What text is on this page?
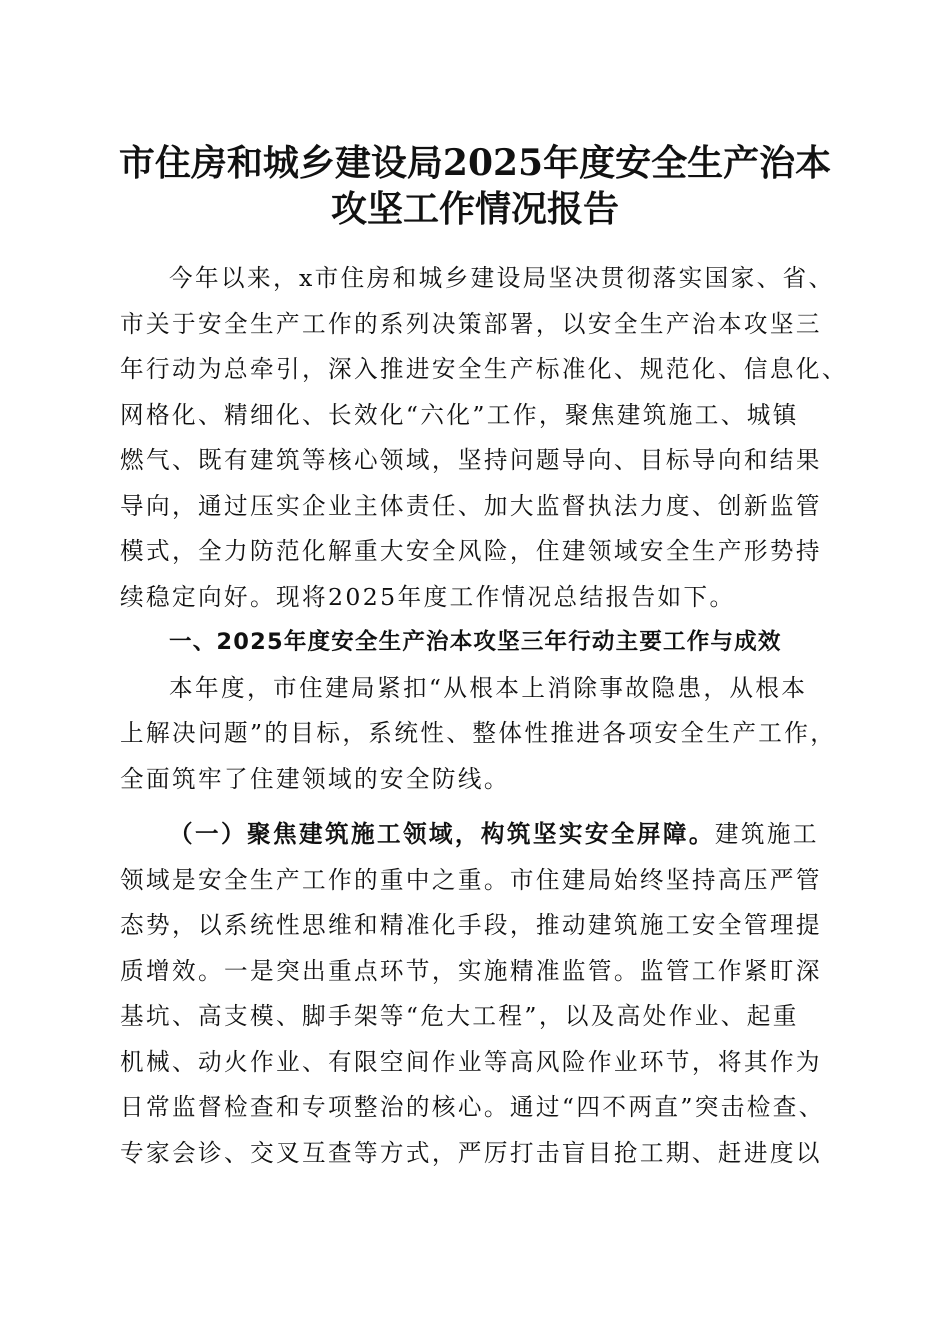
市住房和城乡建设局2025年度安全生产治本
攻坚工作情况报告
今年以来，x市住房和城乡建设局坚决贯彻落实国家、省、
市关于安全生产工作的系列决策部署，以安全生产治本攻坚三
年行动为总牵引，深入推进安全生产标准化、规范化、信息化、
网格化、精细化、长效化“六化”工作，聚焦建筑施工、城镇
燃气、既有建筑等核心领域，坚持问题导向、目标导向和结果
导向，通过压实企业主体责任、加大监督执法力度、创新监管
模式，全力防范化解重大安全风险，住建领域安全生产形势持
续稳定向好。现将2025年度工作情况总结报告如下。
一、2025年度安全生产治本攻坚三年行动主要工作与成效
本年度，市住建局紧扣“从根本上消除事故隐患，从根本
上解决问题”的目标，系统性、整体性推进各项安全生产工作，
全面筑牢了住建领域的安全防线。
（一）聚焦建筑施工领域，构筑坚实安全屏障。建筑施工
领域是安全生产工作的重中之重。市住建局始终坚持高压严管
态势，以系统性思维和精准化手段，推动建筑施工安全管理提
质增效。一是突出重点环节，实施精准监管。监管工作紧盯深
基坑、高支模、脚手架等“危大工程”，以及高处作业、起重
机械、动火作业、有限空间作业等高风险作业环节，将其作为
日常监督检查和专项整治的核心。通过“四不两直”突击检查、
专家会诊、交叉互查等方式，严厉打击盲目抢工期、赶进度以
